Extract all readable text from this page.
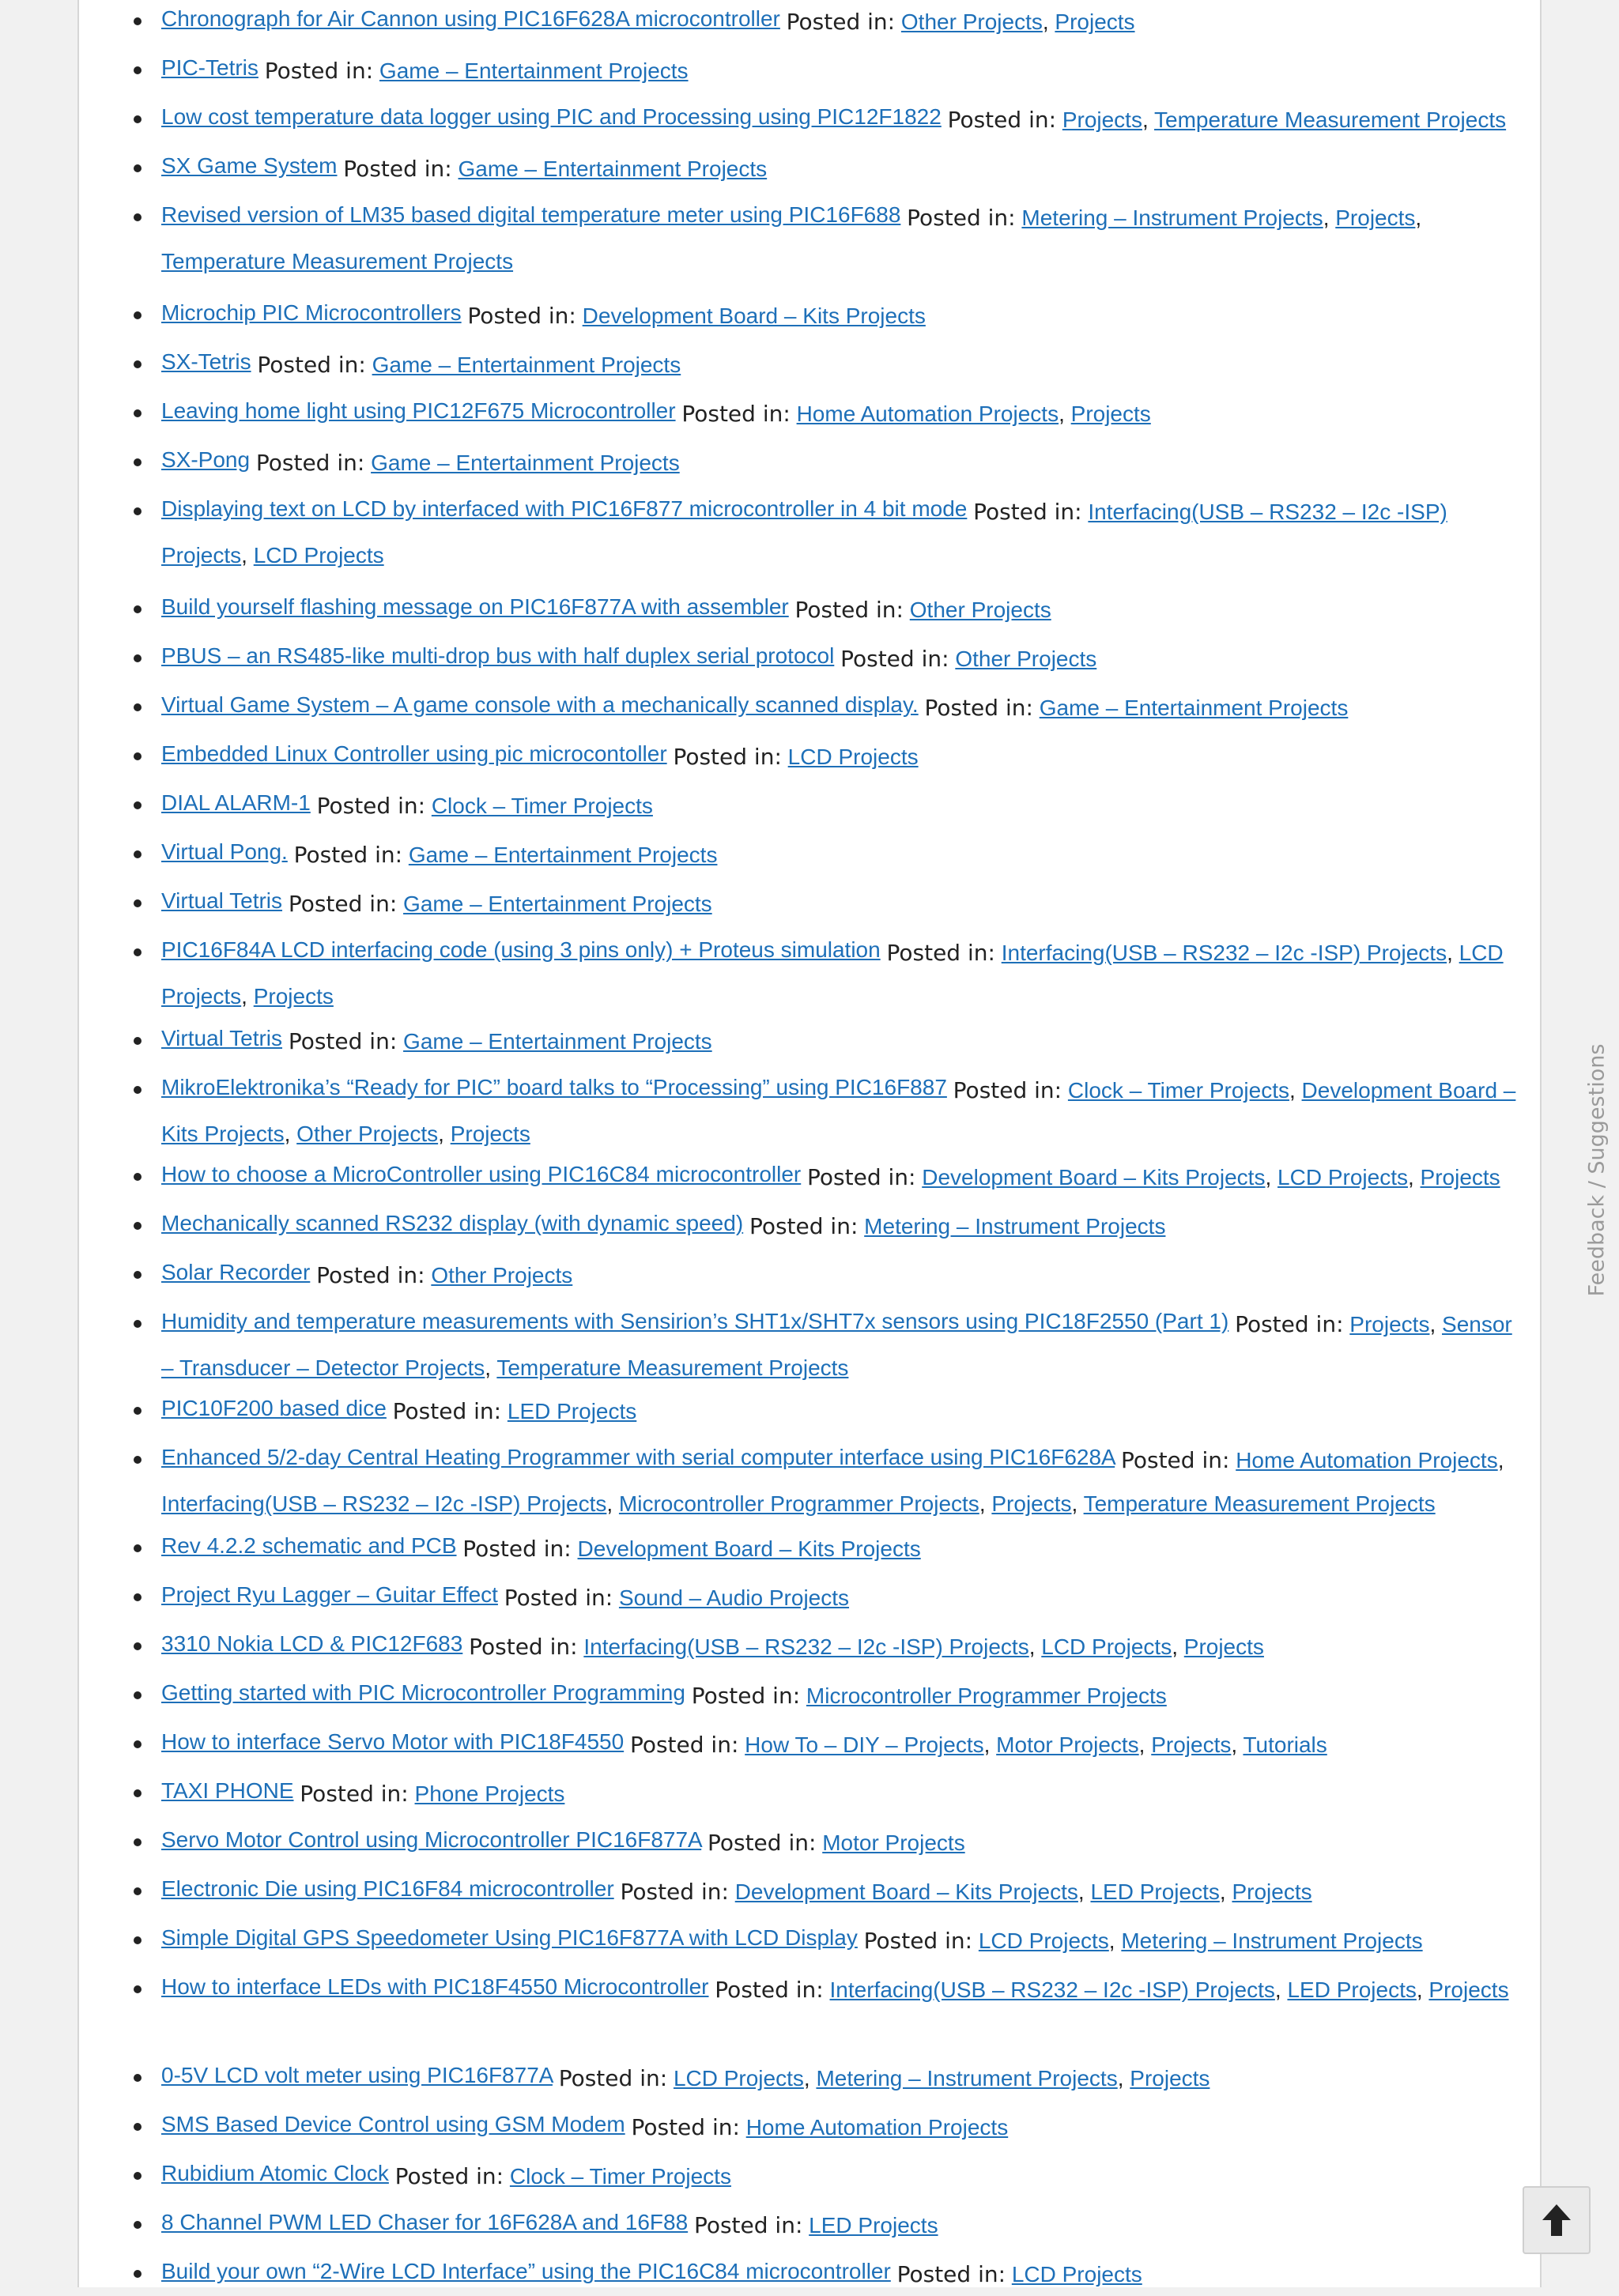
Chronograph for Air Cannon using PIC16F628A microcontroller Posted in: Other Projects, Projects
PIC-Tetris Posted in: Game – Entertainment Projects
Low cost temperature data logger using PIC and Processing using PIC12F1822 Posted in: Projects, Temperature Measurement Projects
SX Game System Posted in: Game – Entertainment Projects
Revised version of LM35 based digital temperature meter using PIC16F688 Posted in: Metering – Instrument Projects, Projects, Temperature Measurement Projects
Microchip PIC Microcontrollers Posted in: Development Board – Kits Projects
SX-Tetris Posted in: Game – Entertainment Projects
Leaving home light using PIC12F675 Microcontroller Posted in: Home Automation Projects, Projects
SX-Pong Posted in: Game – Entertainment Projects
Displaying text on LCD by interfaced with PIC16F877 microcontroller in 4 bit mode Posted in: Interfacing(USB – RS232 – I2c -ISP) Projects, LCD Projects
Build yourself flashing message on PIC16F877A with assembler Posted in: Other Projects
PBUS – an RS485-like multi-drop bus with half duplex serial protocol Posted in: Other Projects
Virtual Game System – A game console with a mechanically scanned display. Posted in: Game – Entertainment Projects
Embedded Linux Controller using pic microcontoller Posted in: LCD Projects
DIAL ALARM-1 Posted in: Clock – Timer Projects
Virtual Pong. Posted in: Game – Entertainment Projects
Virtual Tetris Posted in: Game – Entertainment Projects
PIC16F84A LCD interfacing code (using 3 pins only) + Proteus simulation Posted in: Interfacing(USB – RS232 – I2c -ISP) Projects, LCD Projects, Projects
Virtual Tetris Posted in: Game – Entertainment Projects
MikroElektronika’s “Ready for PIC” board talks to “Processing” using PIC16F887 Posted in: Clock – Timer Projects, Development Board – Kits Projects, Other Projects, Projects
How to choose a MicroController using PIC16C84 microcontroller Posted in: Development Board – Kits Projects, LCD Projects, Projects
Mechanically scanned RS232 display (with dynamic speed) Posted in: Metering – Instrument Projects
Solar Recorder Posted in: Other Projects
Humidity and temperature measurements with Sensirion’s SHT1x/SHT7x sensors using PIC18F2550 (Part 1) Posted in: Projects, Sensor – Transducer – Detector Projects, Temperature Measurement Projects
PIC10F200 based dice Posted in: LED Projects
Enhanced 5/2-day Central Heating Programmer with serial computer interface using PIC16F628A Posted in: Home Automation Projects, Interfacing(USB – RS232 – I2c -ISP) Projects, Microcontroller Programmer Projects, Projects, Temperature Measurement Projects
Rev 4.2.2 schematic and PCB Posted in: Development Board – Kits Projects
Project Ryu Lagger – Guitar Effect Posted in: Sound – Audio Projects
3310 Nokia LCD & PIC12F683 Posted in: Interfacing(USB – RS232 – I2c -ISP) Projects, LCD Projects, Projects
Getting started with PIC Microcontroller Programming Posted in: Microcontroller Programmer Projects
How to interface Servo Motor with PIC18F4550 Posted in: How To – DIY – Projects, Motor Projects, Projects, Tutorials
TAXI PHONE Posted in: Phone Projects
Servo Motor Control using Microcontroller PIC16F877A Posted in: Motor Projects
Electronic Die using PIC16F84 microcontroller Posted in: Development Board – Kits Projects, LED Projects, Projects
Simple Digital GPS Speedometer Using PIC16F877A with LCD Display Posted in: LCD Projects, Metering – Instrument Projects
How to interface LEDs with PIC18F4550 Microcontroller Posted in: Interfacing(USB – RS232 – I2c -ISP) Projects, LED Projects, Projects
0-5V LCD volt meter using PIC16F877A Posted in: LCD Projects, Metering – Instrument Projects, Projects
SMS Based Device Control using GSM Modem Posted in: Home Automation Projects
Rubidium Atomic Clock Posted in: Clock – Timer Projects
8 Channel PWM LED Chaser for 16F628A and 16F88 Posted in: LED Projects
Build your own “2-Wire LCD Interface” using the PIC16C84 microcontroller Posted in: LCD Projects
Feedback / Suggestions
